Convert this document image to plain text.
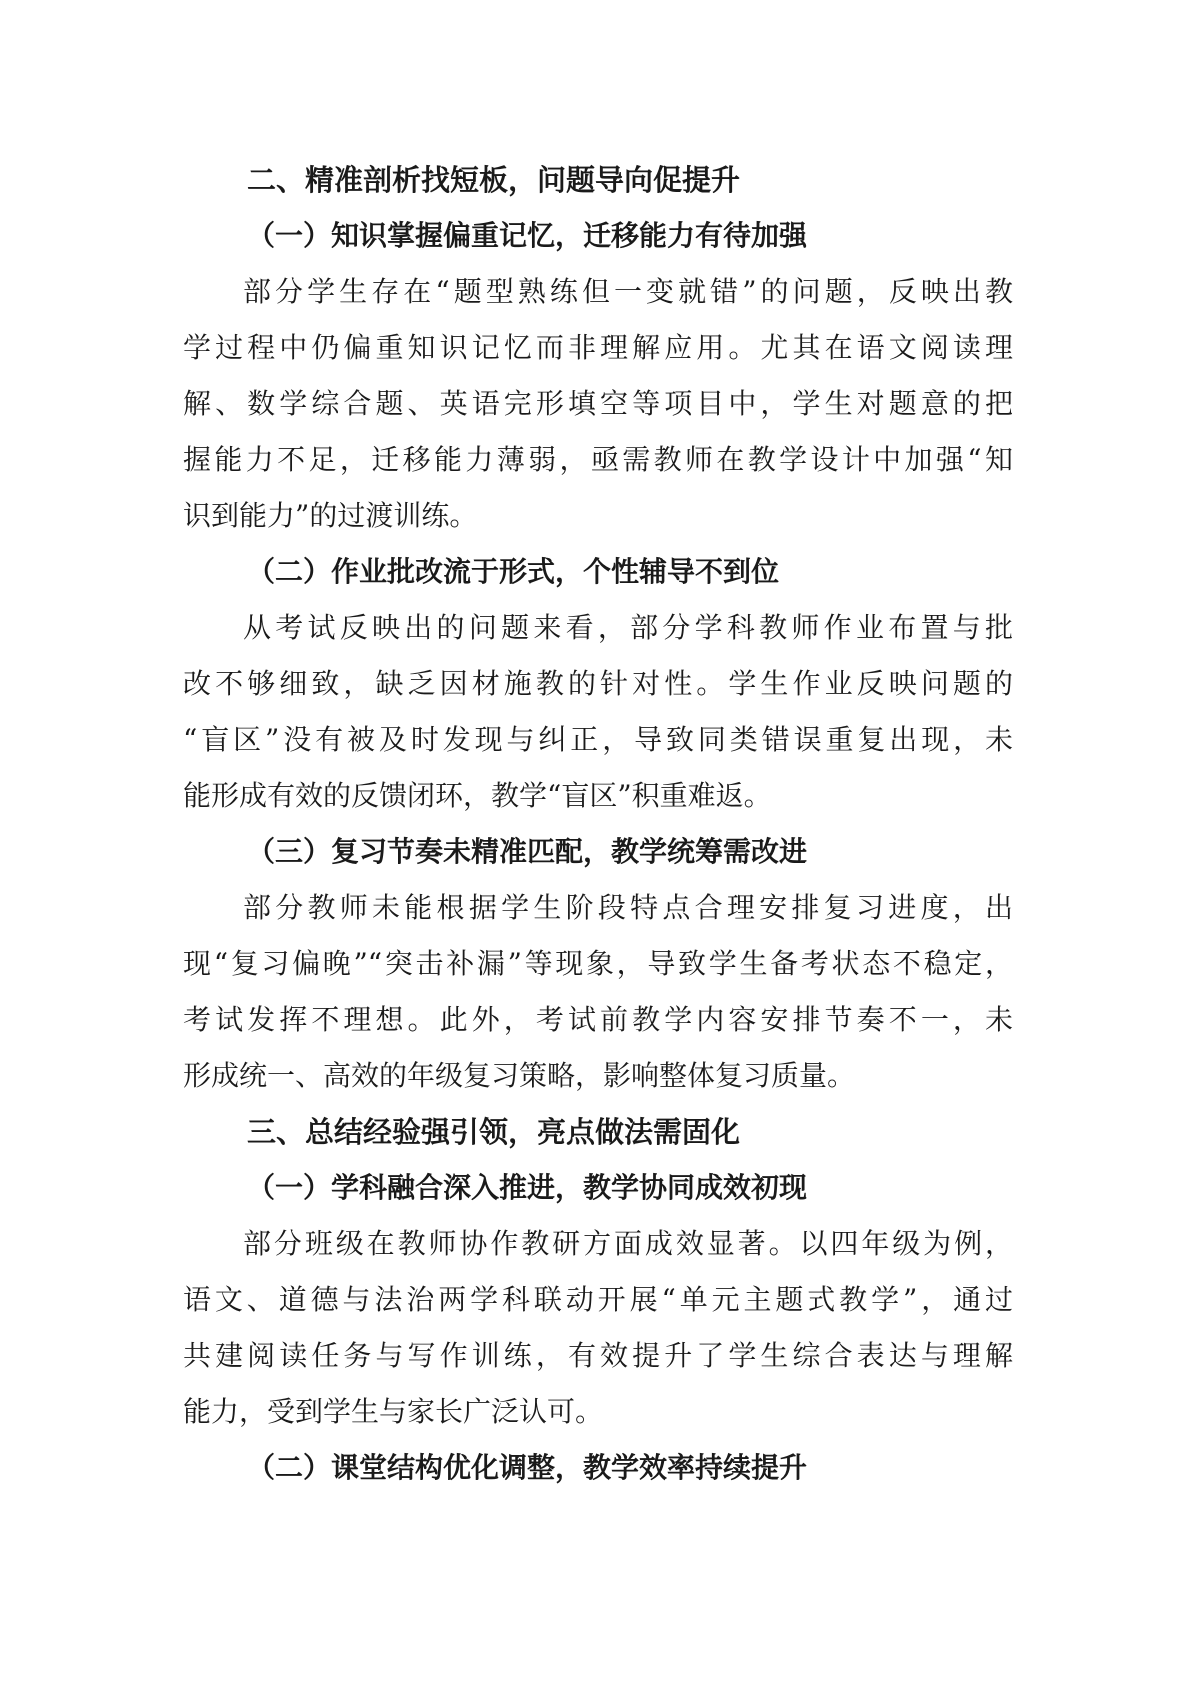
二、精准剖析找短板，问题导向促提升
（一）知识掌握偏重记忆，迁移能力有待加强
部分学生存在“题型熟练但一变就错”的问题，反映出教
学过程中仍偏重知识记忆而非理解应用。尤其在语文阅读理
解、数学综合题、英语完形填空等项目中，学生对题意的把
握能力不足，迁移能力薄弱，亟需教师在教学设计中加强“知
识到能力”的过渡训练。
（二）作业批改流于形式，个性辅导不到位
从考试反映出的问题来看，部分学科教师作业布置与批
改不够细致，缺乏因材施教的针对性。学生作业反映问题的
“盲区”没有被及时发现与纠正，导致同类错误重复出现，未
能形成有效的反馈闭环，教学“盲区”积重难返。
（三）复习节奏未精准匹配，教学统筹需改进
部分教师未能根据学生阶段特点合理安排复习进度，出
现“复习偏晚”“突击补漏”等现象，导致学生备考状态不稳定，
考试发挥不理想。此外，考试前教学内容安排节奏不一，未
形成统一、高效的年级复习策略，影响整体复习质量。
三、总结经验强引领，亮点做法需固化
（一）学科融合深入推进，教学协同成效初现
部分班级在教师协作教研方面成效显著。以四年级为例，
语文、道德与法治两学科联动开展“单元主题式教学”，通过
共建阅读任务与写作训练，有效提升了学生综合表达与理解
能力，受到学生与家长广泛认可。
（二）课堂结构优化调整，教学效率持续提升
